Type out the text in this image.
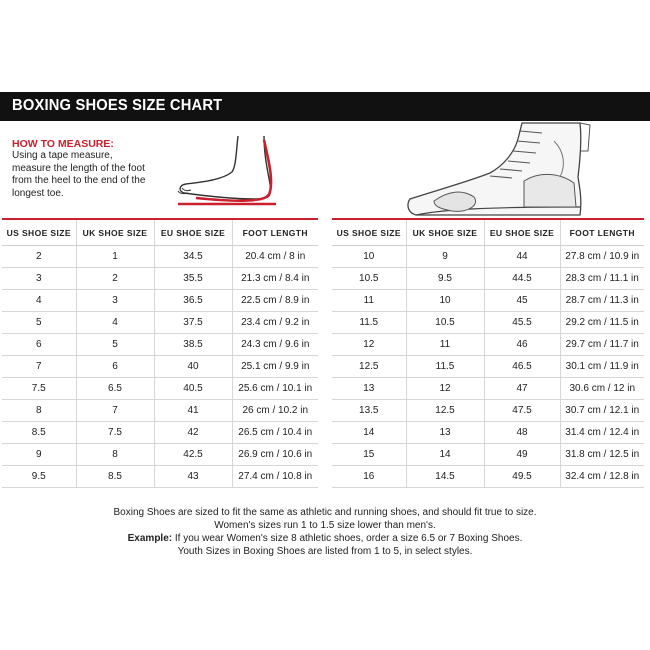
BOXING SHOES SIZE CHART
HOW TO MEASURE:
Using a tape measure,
measure the length of the foot
from the heel to the end of the
longest toe.
US SHOE SIZE	UK SHOE SIZE	EU SHOE SIZE	FOOT LENGTH
2	1	34.5	20.4 cm / 8 in
3	2	35.5	21.3 cm / 8.4 in
4	3	36.5	22.5 cm / 8.9 in
5	4	37.5	23.4 cm / 9.2 in
6	5	38.5	24.3 cm / 9.6 in
7	6	40	25.1 cm / 9.9 in
7.5	6.5	40.5	25.6 cm / 10.1 in
8	7	41	26 cm / 10.2 in
8.5	7.5	42	26.5 cm / 10.4 in
9	8	42.5	26.9 cm / 10.6 in
9.5	8.5	43	27.4 cm / 10.8 in
US SHOE SIZE	UK SHOE SIZE	EU SHOE SIZE	FOOT LENGTH
10	9	44	27.8 cm / 10.9 in
10.5	9.5	44.5	28.3 cm / 11.1 in
11	10	45	28.7 cm / 11.3 in
11.5	10.5	45.5	29.2 cm / 11.5 in
12	11	46	29.7 cm / 11.7 in
12.5	11.5	46.5	30.1 cm / 11.9 in
13	12	47	30.6 cm / 12 in
13.5	12.5	47.5	30.7 cm / 12.1 in
14	13	48	31.4 cm / 12.4 in
15	14	49	31.8 cm / 12.5 in
16	14.5	49.5	32.4 cm / 12.8 in
Boxing Shoes are sized to fit the same as athletic and running shoes, and should fit true to size.
Women's sizes run 1 to 1.5 size lower than men's.
Example: If you wear Women's size 8 athletic shoes, order a size 6.5 or 7 Boxing Shoes.
Youth Sizes in Boxing Shoes are listed from 1 to 5, in select styles.
